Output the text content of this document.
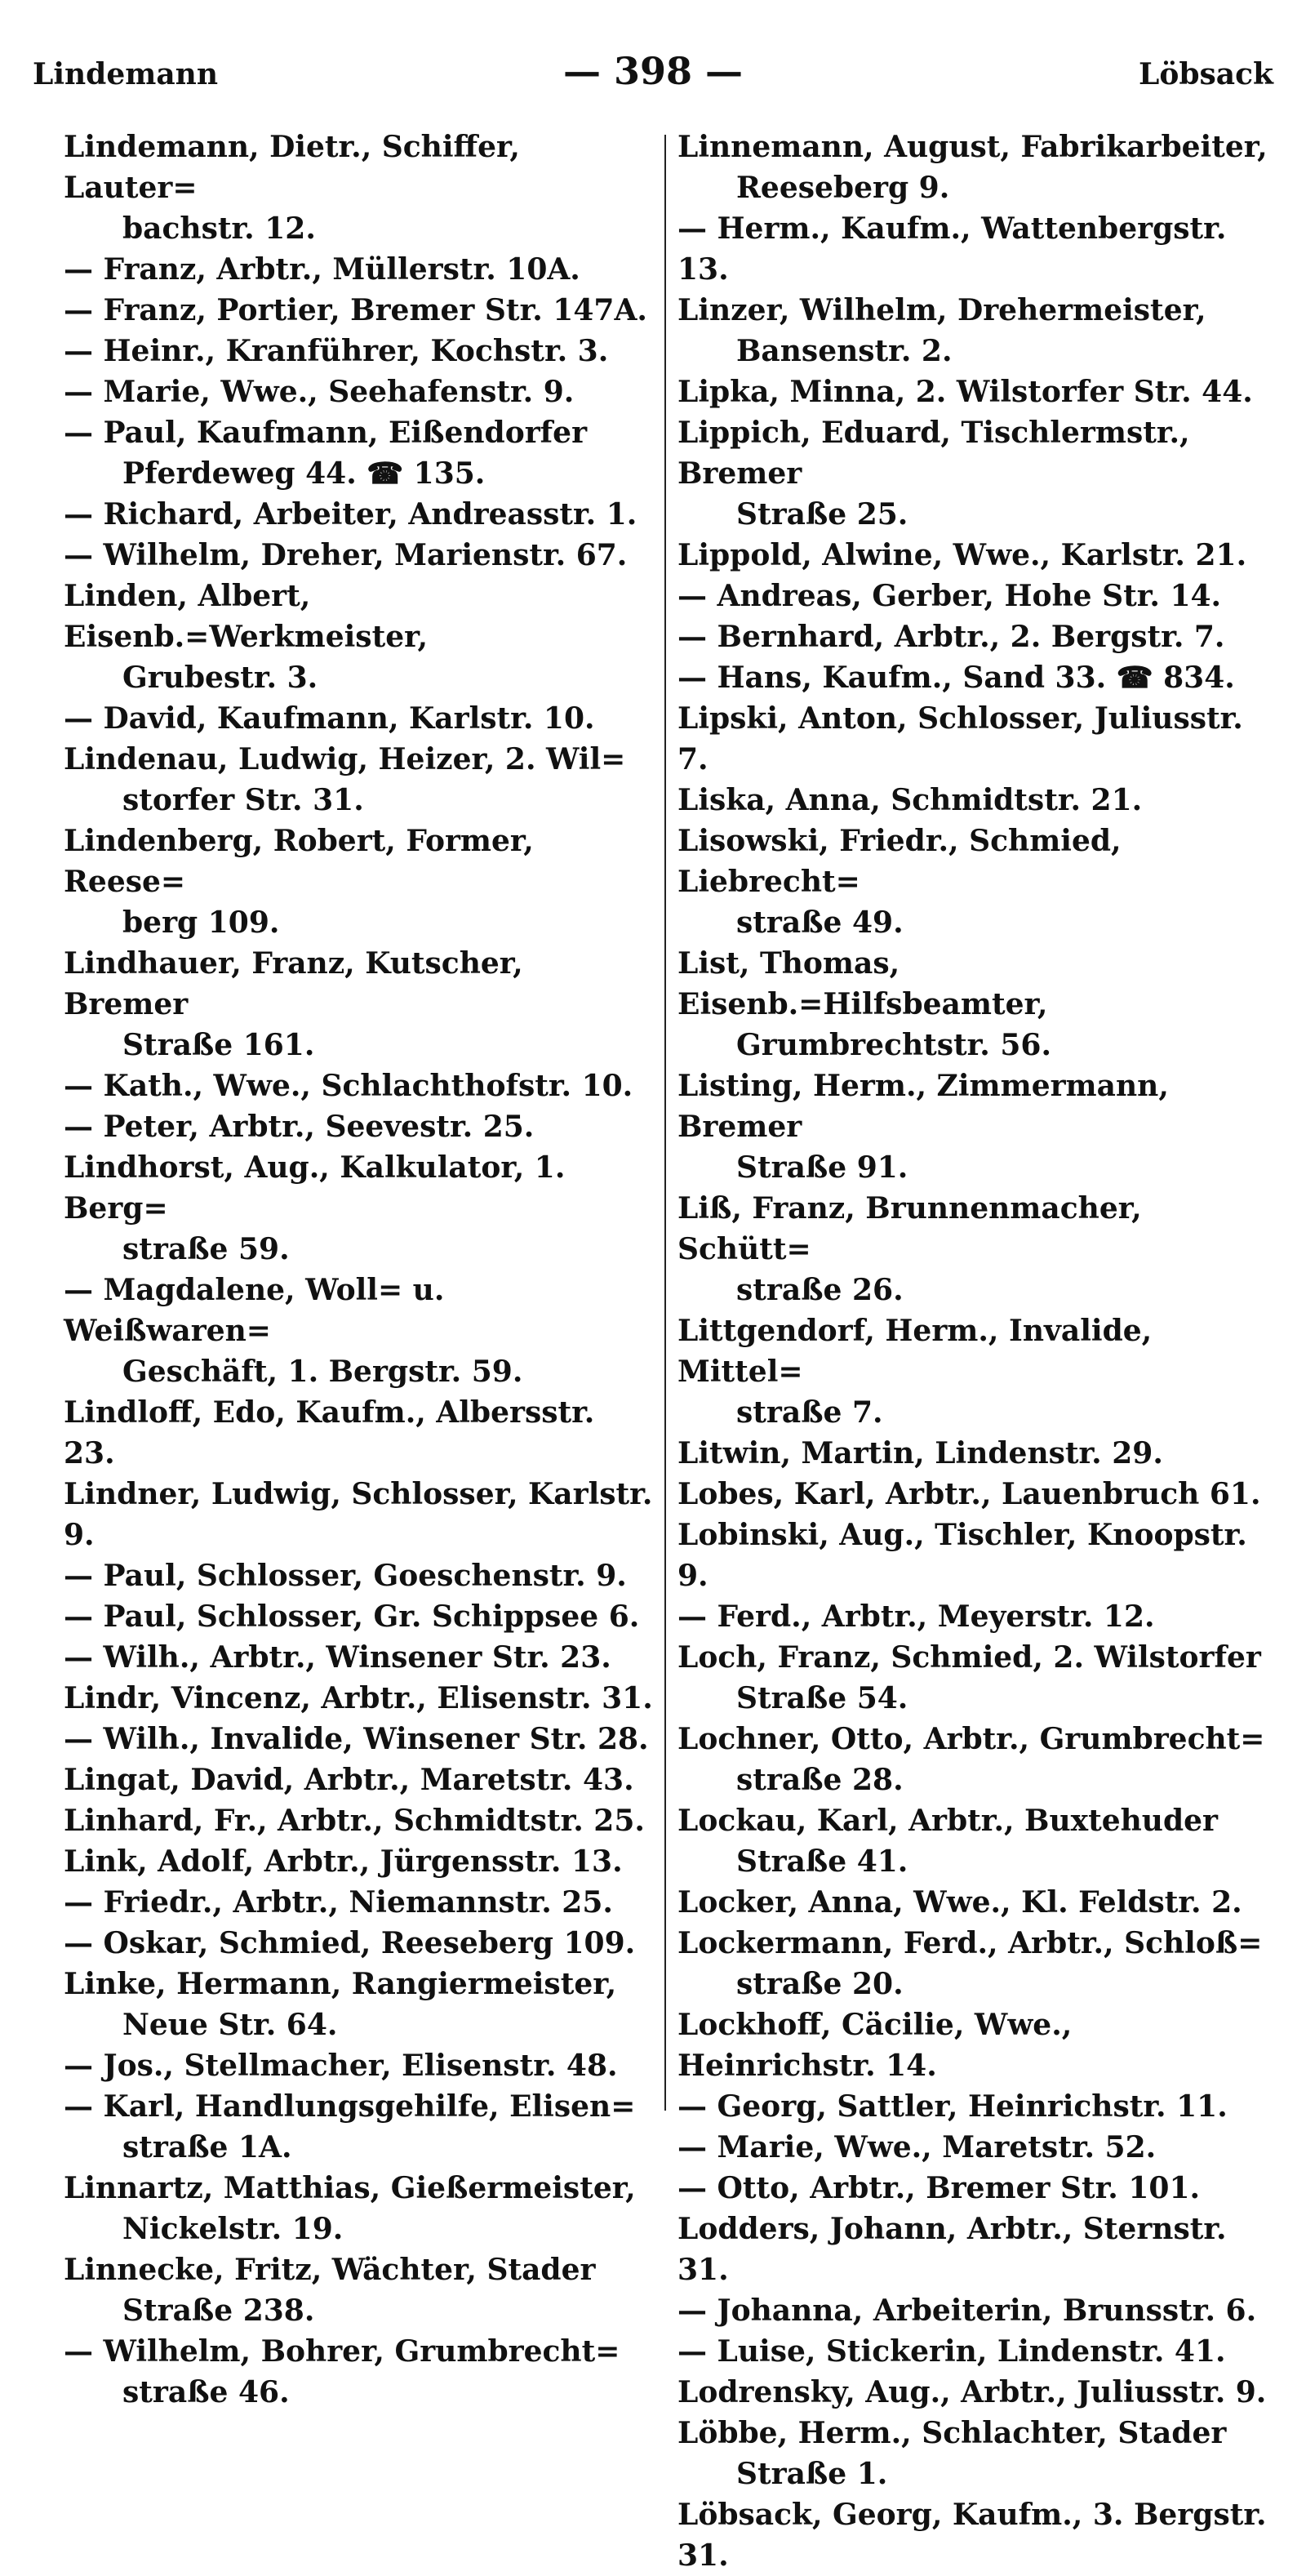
Lindemann	— 398 —	Löbsack
Lindemann, Dietr., Schiffer, Lauter=

bachstr. 12.
— Franz, Arbtr., Müllerstr. 10A.
— Franz, Portier, Bremer Str. 147A.
— Heinr., Kranführer, Kochstr. 3.
— Marie, Wwe., Seehafenstr. 9.
— Paul, Kaufmann, Eißendorfer

Pferdeweg 44. ☎ 135.
— Richard, Arbeiter, Andreasstr. 1.
— Wilhelm, Dreher, Marienstr. 67.
Linden, Albert, Eisenb.=Werkmeister,

Grubestr. 3.
— David, Kaufmann, Karlstr. 10.
Lindenau, Ludwig, Heizer, 2. Wil=

storfer Str. 31.
Lindenberg, Robert, Former, Reese=

berg 109.
Lindhauer, Franz, Kutscher, Bremer

Straße 161.
— Kath., Wwe., Schlachthofstr. 10.
— Peter, Arbtr., Seevestr. 25.
Lindhorst, Aug., Kalkulator, 1. Berg=

straße 59.
— Magdalene, Woll= u. Weißwaren=

Geschäft, 1. Bergstr. 59.
Lindloff, Edo, Kaufm., Albersstr. 23.
Lindner, Ludwig, Schlosser, Karlstr. 9.
— Paul, Schlosser, Goeschenstr. 9.
— Paul, Schlosser, Gr. Schippsee 6.
— Wilh., Arbtr., Winsener Str. 23.
Lindr, Vincenz, Arbtr., Elisenstr. 31.
— Wilh., Invalide, Winsener Str. 28.
Lingat, David, Arbtr., Maretstr. 43.
Linhard, Fr., Arbtr., Schmidtstr. 25.
Link, Adolf, Arbtr., Jürgensstr. 13.
— Friedr., Arbtr., Niemannstr. 25.
— Oskar, Schmied, Reeseberg 109.
Linke, Hermann, Rangiermeister,

Neue Str. 64.
— Jos., Stellmacher, Elisenstr. 48.
— Karl, Handlungsgehilfe, Elisen=

straße 1A.
Linnartz, Matthias, Gießermeister,

Nickelstr. 19.
Linnecke, Fritz, Wächter, Stader

Straße 238.
— Wilhelm, Bohrer, Grumbrecht=

straße 46.
Linnemann, August, Fabrikarbeiter,

Reeseberg 9.
— Herm., Kaufm., Wattenbergstr. 13.
Linzer, Wilhelm, Drehermeister,

Bansenstr. 2.
Lipka, Minna, 2. Wilstorfer Str. 44.
Lippich, Eduard, Tischlermstr., Bremer

Straße 25.
Lippold, Alwine, Wwe., Karlstr. 21.
— Andreas, Gerber, Hohe Str. 14.
— Bernhard, Arbtr., 2. Bergstr. 7.
— Hans, Kaufm., Sand 33. ☎ 834.
Lipski, Anton, Schlosser, Juliusstr. 7.
Liska, Anna, Schmidtstr. 21.
Lisowski, Friedr., Schmied, Liebrecht=

straße 49.
List, Thomas, Eisenb.=Hilfsbeamter,

Grumbrechtstr. 56.
Listing, Herm., Zimmermann, Bremer

Straße 91.
Liß, Franz, Brunnenmacher, Schütt=

straße 26.
Littgendorf, Herm., Invalide, Mittel=

straße 7.
Litwin, Martin, Lindenstr. 29.
Lobes, Karl, Arbtr., Lauenbruch 61.
Lobinski, Aug., Tischler, Knoopstr. 9.
— Ferd., Arbtr., Meyerstr. 12.
Loch, Franz, Schmied, 2. Wilstorfer

Straße 54.
Lochner, Otto, Arbtr., Grumbrecht=

straße 28.
Lockau, Karl, Arbtr., Buxtehuder

Straße 41.
Locker, Anna, Wwe., Kl. Feldstr. 2.
Lockermann, Ferd., Arbtr., Schloß=

straße 20.
Lockhoff, Cäcilie, Wwe., Heinrichstr. 14.
— Georg, Sattler, Heinrichstr. 11.
— Marie, Wwe., Maretstr. 52.
— Otto, Arbtr., Bremer Str. 101.
Lodders, Johann, Arbtr., Sternstr. 31.
— Johanna, Arbeiterin, Brunsstr. 6.
— Luise, Stickerin, Lindenstr. 41.
Lodrensky, Aug., Arbtr., Juliusstr. 9.
Löbbe, Herm., Schlachter, Stader

Straße 1.
Löbsack, Georg, Kaufm., 3. Bergstr. 31.
